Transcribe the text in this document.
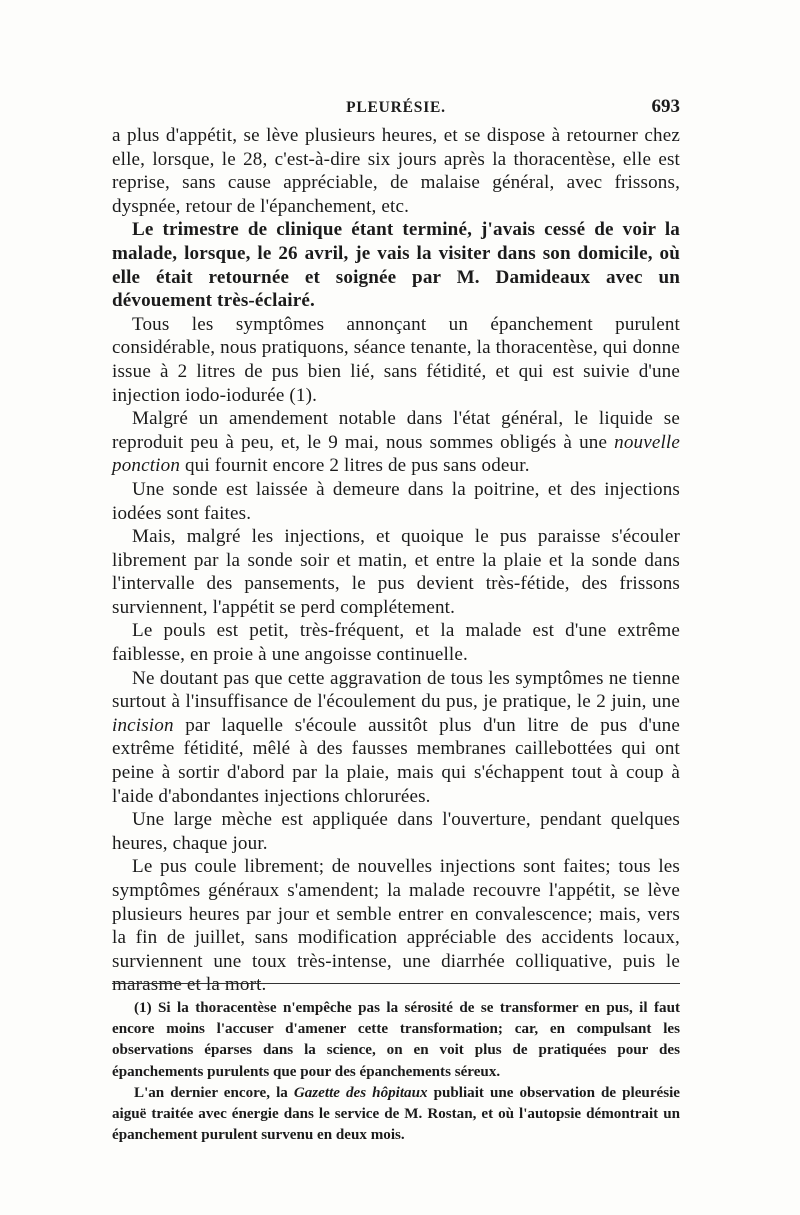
PLEURÉSIE.	693

a plus d'appétit, se lève plusieurs heures, et se dispose à retourner chez elle, lorsque, le 28, c'est-à-dire six jours après la thoracentèse, elle est reprise, sans cause appréciable, de malaise général, avec frissons, dyspnée, retour de l'épanchement, etc.

Le trimestre de clinique étant terminé, j'avais cessé de voir la malade, lorsque, le 26 avril, je vais la visiter dans son domicile, où elle était retournée et soignée par M. Damideaux avec un dévouement très-éclairé.

Tous les symptômes annonçant un épanchement purulent considérable, nous pratiquons, séance tenante, la thoracentèse, qui donne issue à 2 litres de pus bien lié, sans fétidité, et qui est suivie d'une injection iodo-iodurée (1).

Malgré un amendement notable dans l'état général, le liquide se reproduit peu à peu, et, le 9 mai, nous sommes obligés à une nouvelle ponction qui fournit encore 2 litres de pus sans odeur.

Une sonde est laissée à demeure dans la poitrine, et des injections iodées sont faites.

Mais, malgré les injections, et quoique le pus paraisse s'écouler librement par la sonde soir et matin, et entre la plaie et la sonde dans l'intervalle des pansements, le pus devient très-fétide, des frissons surviennent, l'appétit se perd complétement.

Le pouls est petit, très-fréquent, et la malade est d'une extrême faiblesse, en proie à une angoisse continuelle.

Ne doutant pas que cette aggravation de tous les symptômes ne tienne surtout à l'insuffisance de l'écoulement du pus, je pratique, le 2 juin, une incision par laquelle s'écoule aussitôt plus d'un litre de pus d'une extrême fétidité, mêlé à des fausses membranes caillebottées qui ont peine à sortir d'abord par la plaie, mais qui s'échappent tout à coup à l'aide d'abondantes injections chlorurées.

Une large mèche est appliquée dans l'ouverture, pendant quelques heures, chaque jour.

Le pus coule librement; de nouvelles injections sont faites; tous les symptômes généraux s'amendent; la malade recouvre l'appétit, se lève plusieurs heures par jour et semble entrer en convalescence; mais, vers la fin de juillet, sans modification appréciable des accidents locaux, surviennent une toux très-intense, une diarrhée colliquative, puis le marasme et la mort.

(1) Si la thoracentèse n'empêche pas la sérosité de se transformer en pus, il faut encore moins l'accuser d'amener cette transformation; car, en compulsant les observations éparses dans la science, on en voit plus de pratiquées pour des épanchements purulents que pour des épanchements séreux.

L'an dernier encore, la Gazette des hôpitaux publiait une observation de pleurésie aiguë traitée avec énergie dans le service de M. Rostan, et où l'autopsie démontrait un épanchement purulent survenu en deux mois.
